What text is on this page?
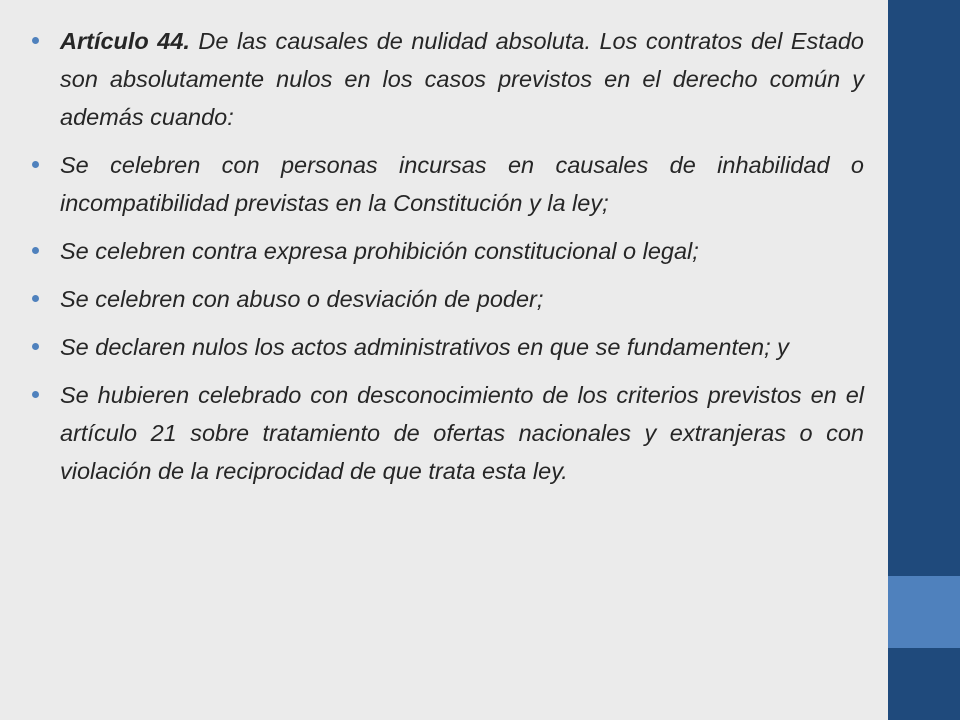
Artículo 44. De las causales de nulidad absoluta. Los contratos del Estado son absolutamente nulos en los casos previstos en el derecho común y además cuando:
Se celebren con personas incursas en causales de inhabilidad o incompatibilidad previstas en la Constitución y la ley;
Se celebren contra expresa prohibición constitucional o legal;
Se celebren con abuso o desviación de poder;
Se declaren nulos los actos administrativos en que se fundamenten; y
Se hubieren celebrado con desconocimiento de los criterios previstos en el artículo 21 sobre tratamiento de ofertas nacionales y extranjeras o con violación de la reciprocidad de que trata esta ley.
